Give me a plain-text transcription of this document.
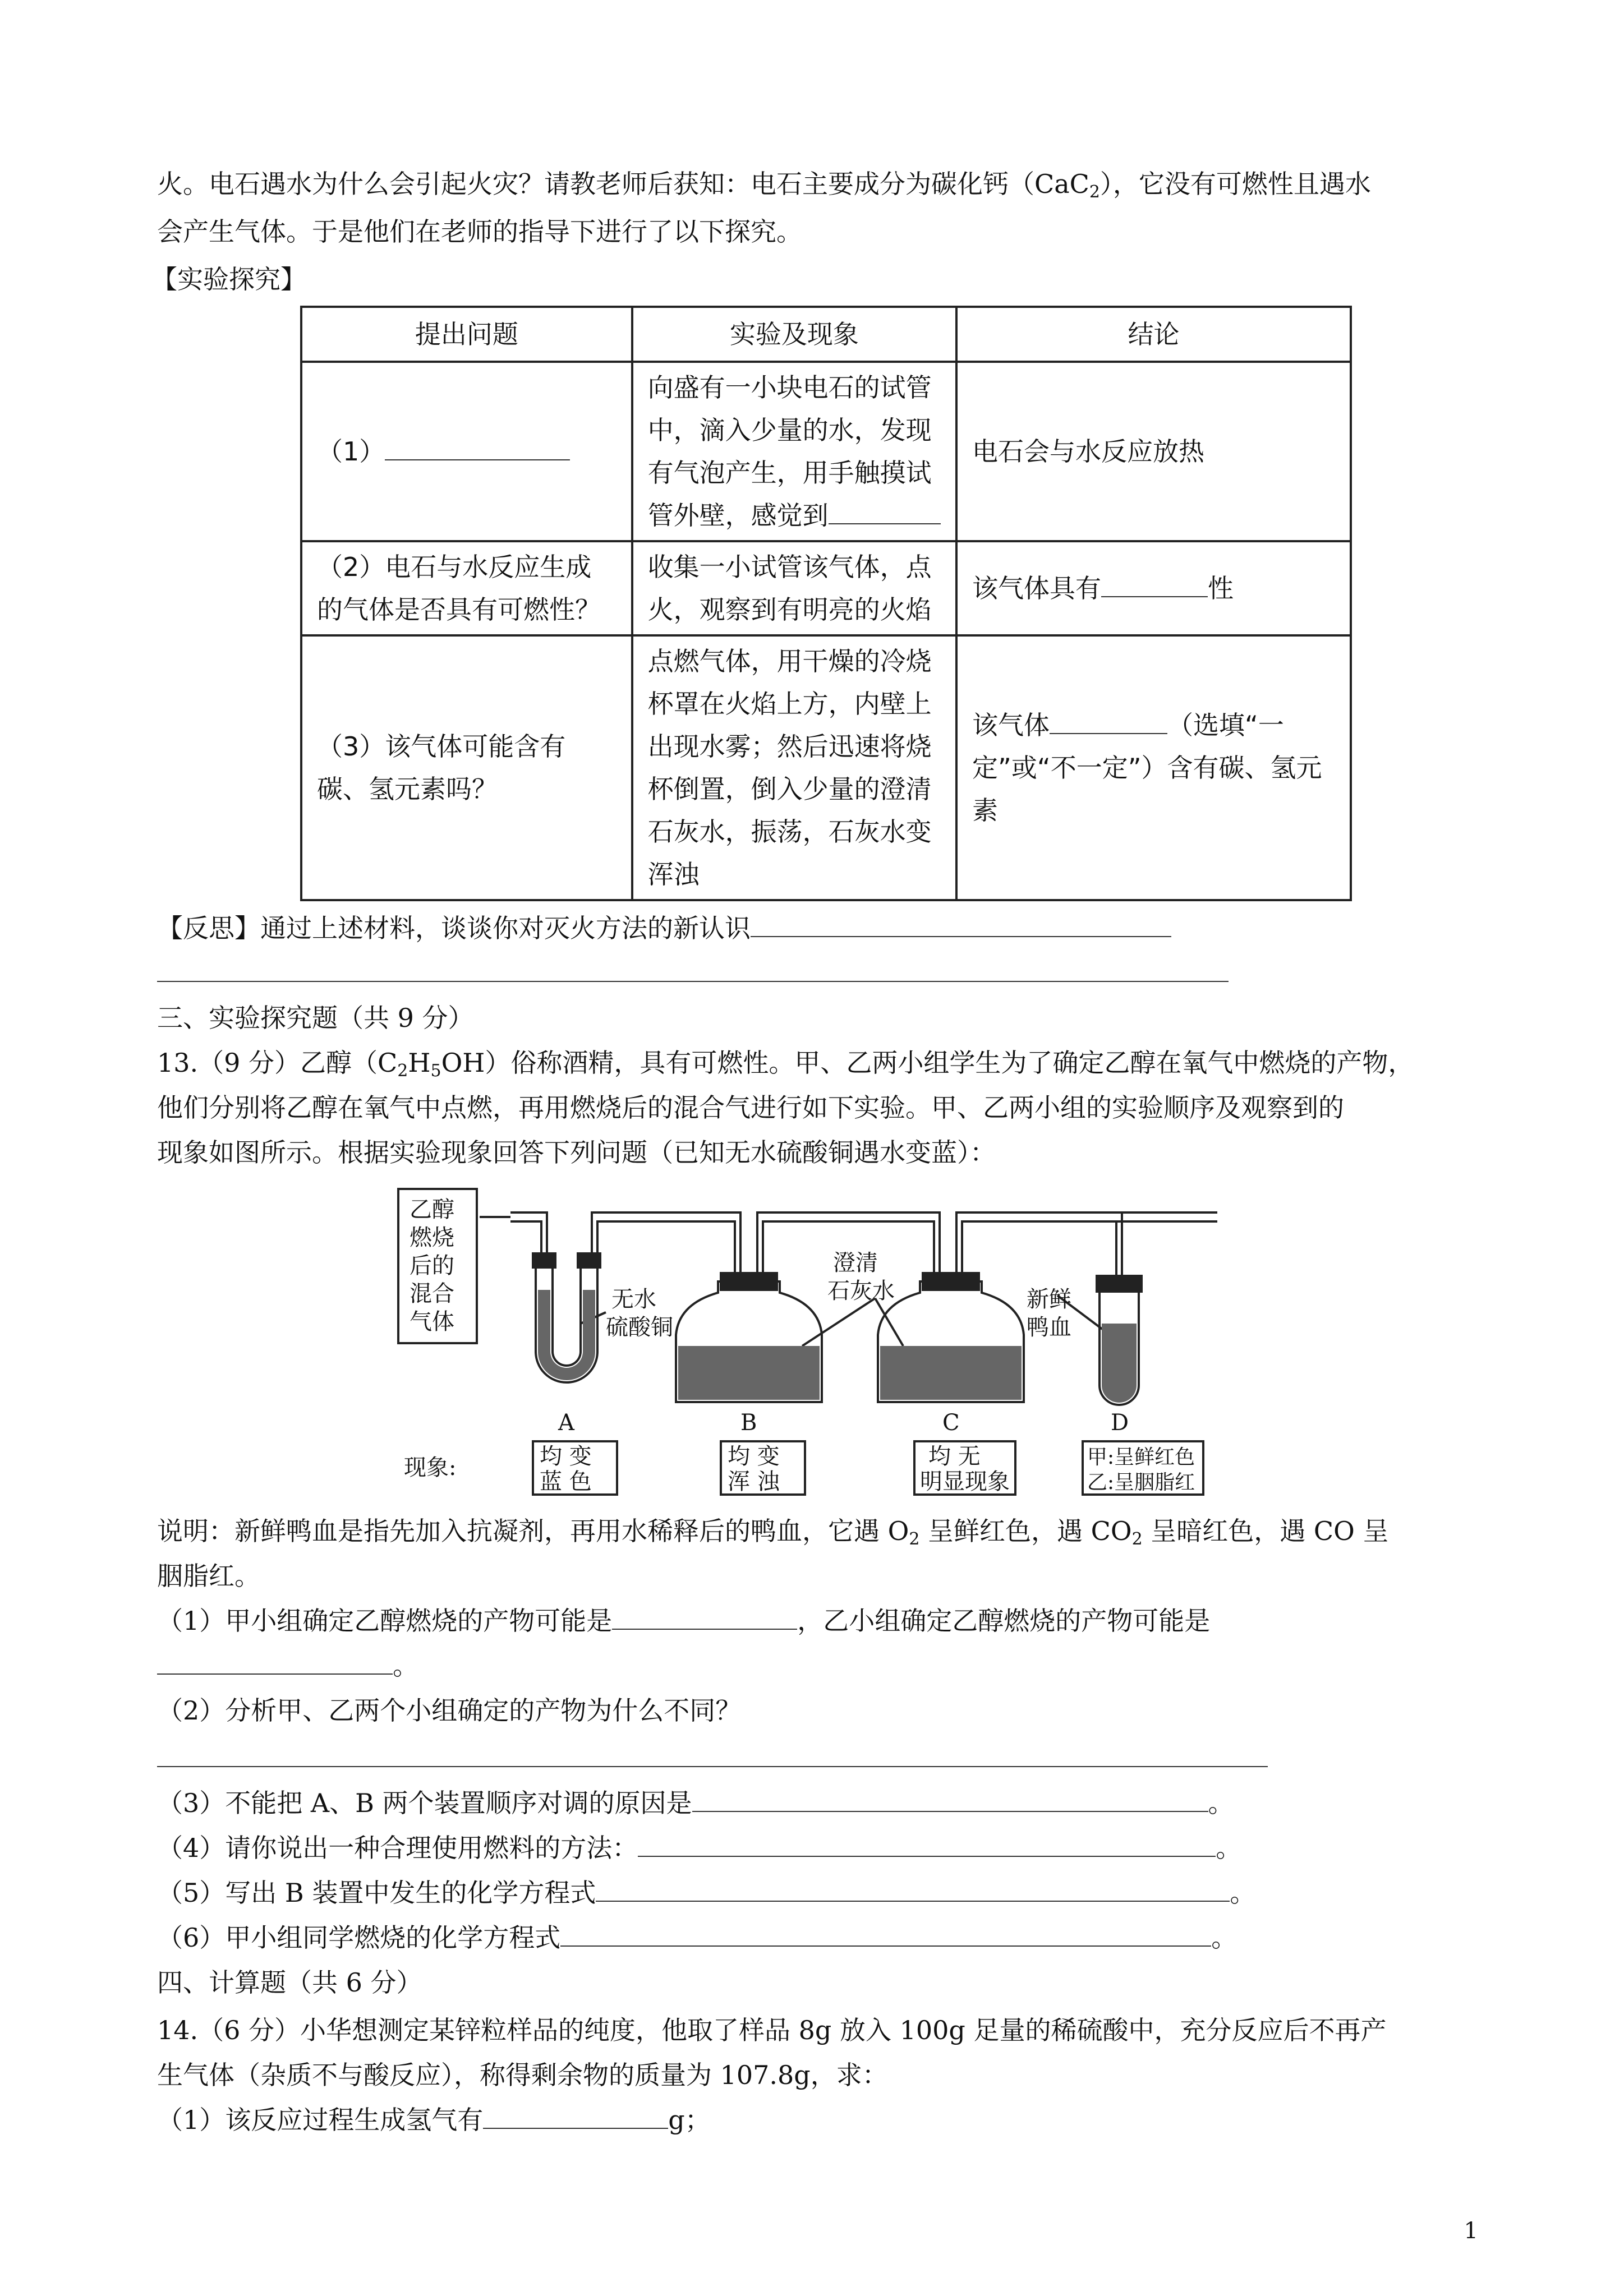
火。电石遇水为什么会引起火灾？请教老师后获知：电石主要成分为碳化钙（CaC$_2$），它没有可燃性且遇水
会产生气体。于是他们在老师的指导下进行了以下探究。
【实验探究】
提出问题	实验及现象	结论
（1）	向盛有一小块电石的试管中，滴入少量的水，发现有气泡产生，用手触摸试管外壁，感觉到	电石会与水反应放热
（2）电石与水反应生成的气体是否具有可燃性？	收集一小试管该气体，点火，观察到有明亮的火焰	该气体具有 性
（3）该气体可能含有碳、氢元素吗？	点燃气体，用干燥的冷烧杯罩在火焰上方，内壁上出现水雾；然后迅速将烧杯倒置，倒入少量的澄清石灰水，振荡，石灰水变浑浊	该气体 （选填“一定”或“不一定”）含有碳、氢元素
【反思】通过上述材料，谈谈你对灭火方法的新认识
三、实验探究题（共 9 分）
13.（9 分）乙醇$(C_2H_5OH)$俗称酒精，具有可燃性。甲、乙两小组学生为了确定乙醇在氧气中燃烧的产物，
他们分别将乙醇在氧气中点燃，再用燃烧后的混合气进行如下实验。甲、乙两小组的实验顺序及观察到的
现象如图所示。根据实验现象回答下列问题（已知无水硫酸铜遇水变蓝）：
乙醇
燃烧
后的
混合
气体
无水
硫酸铜
澄清
石灰水	新鲜
鸭血
A	B	C	D
现象:	均 变
蓝 色
均 变
浑 浊
均 无
明显现象
甲:呈鲜红色
乙:呈胭脂红
说明：新鲜鸭血是指先加入抗凝剂，再用水稀释后的鸭血，它遇 $O_2$ 呈鲜红色，遇 $CO_2$ 呈暗红色，遇 CO 呈
胭脂红。
（1）甲小组确定乙醇燃烧的产物可能是	，乙小组确定乙醇燃烧的产物可能是
。
（2）分析甲、乙两个小组确定的产物为什么不同？
（3）不能把 A、B 两个装置顺序对调的原因是	。
（4）请你说出一种合理使用燃料的方法：	。
（5）写出 B 装置中发生的化学方程式	。
（6）甲小组同学燃烧的化学方程式	。
四、计算题（共 6 分）
14.（6 分）小华想测定某锌粒样品的纯度，他取了样品 8g 放入 100g 足量的稀硫酸中，充分反应后不再产
生气体（杂质不与酸反应），称得剩余物的质量为 107.8g，求：
（1）该反应过程生成氢气有	g；
1
